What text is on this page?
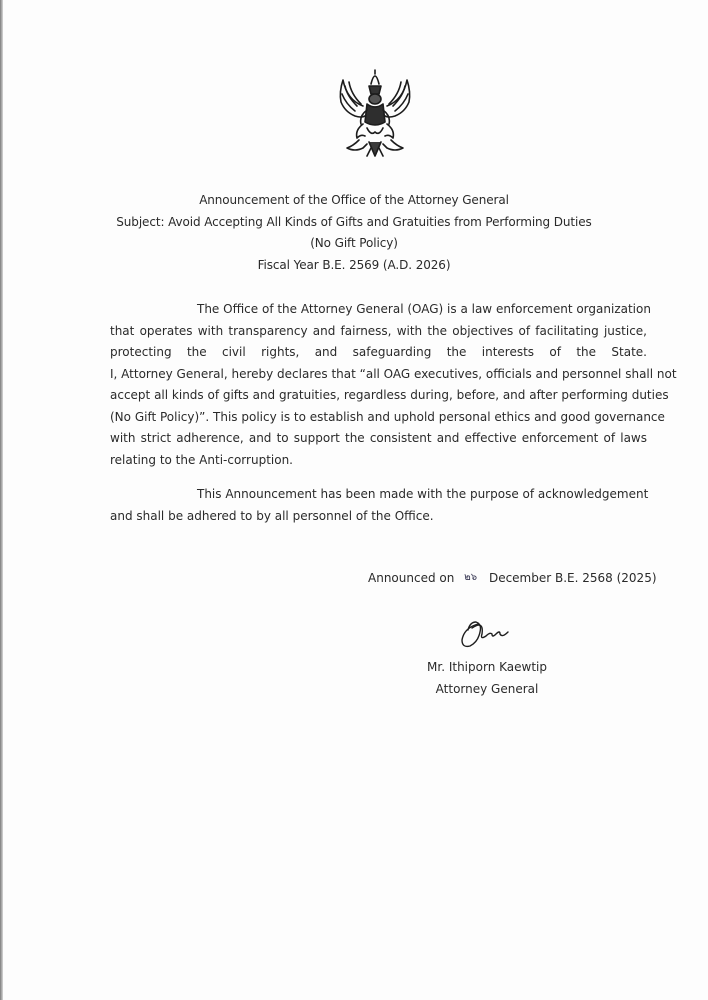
Announcement of the Office of the Attorney General
Subject: Avoid Accepting All Kinds of Gifts and Gratuities from Performing Duties
(No Gift Policy)
Fiscal Year B.E. 2569 (A.D. 2026)
The Office of the Attorney General (OAG) is a law enforcement organization
that operates with transparency and fairness, with the objectives of facilitating justice,
protecting the civil rights, and safeguarding the interests of the State.
I, Attorney General, hereby declares that “all OAG executives, officials and personnel shall not
accept all kinds of gifts and gratuities, regardless during, before, and after performing duties
(No Gift Policy)”. This policy is to establish and uphold personal ethics and good governance
with strict adherence, and to support the consistent and effective enforcement of laws
relating to the Anti-corruption.
This Announcement has been made with the purpose of acknowledgement
and shall be adhered to by all personnel of the Office.
Announced on ๒๖ December B.E. 2568 (2025)
Mr. Ithiporn Kaewtip
Attorney General
